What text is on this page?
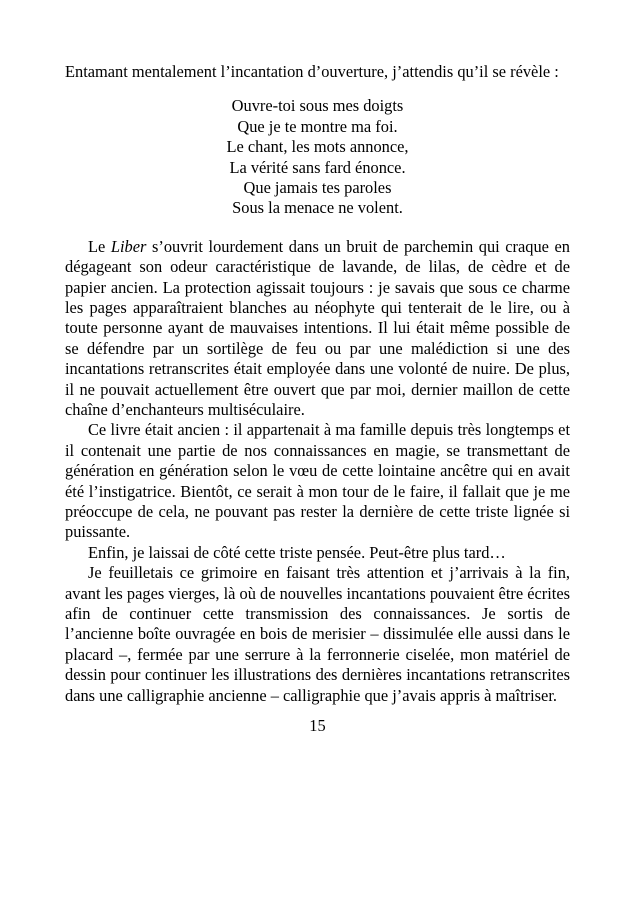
Entamant mentalement l’incantation d’ouverture, j’attendis qu’il se révèle :

Ouvre-toi sous mes doigts
Que je te montre ma foi.
Le chant, les mots annonce,
La vérité sans fard énonce.
Que jamais tes paroles
Sous la menace ne volent.

Le Liber s’ouvrit lourdement dans un bruit de parchemin qui craque en dégageant son odeur caractéristique de lavande, de lilas, de cèdre et de papier ancien. La protection agissait toujours : je savais que sous ce charme les pages apparaîtraient blanches au néophyte qui tenterait de le lire, ou à toute personne ayant de mauvaises intentions. Il lui était même possible de se défendre par un sortilège de feu ou par une malédiction si une des incantations retranscrites était employée dans une volonté de nuire. De plus, il ne pouvait actuellement être ouvert que par moi, dernier maillon de cette chaîne d’enchanteurs multiséculaire.

Ce livre était ancien : il appartenait à ma famille depuis très longtemps et il contenait une partie de nos connaissances en magie, se transmettant de génération en génération selon le vœu de cette lointaine ancêtre qui en avait été l’instigatrice. Bientôt, ce serait à mon tour de le faire, il fallait que je me préoccupe de cela, ne pouvant pas rester la dernière de cette triste lignée si puissante.

Enfin, je laissai de côté cette triste pensée. Peut-être plus tard…

Je feuilletais ce grimoire en faisant très attention et j’arrivais à la fin, avant les pages vierges, là où de nouvelles incantations pouvaient être écrites afin de continuer cette transmission des connaissances. Je sortis de l’ancienne boîte ouvragée en bois de merisier – dissimulée elle aussi dans le placard –, fermée par une serrure à la ferronnerie ciselée, mon matériel de dessin pour continuer les illustrations des dernières incantations retranscrites dans une calligraphie ancienne – calligraphie que j’avais appris à maîtriser.

15
